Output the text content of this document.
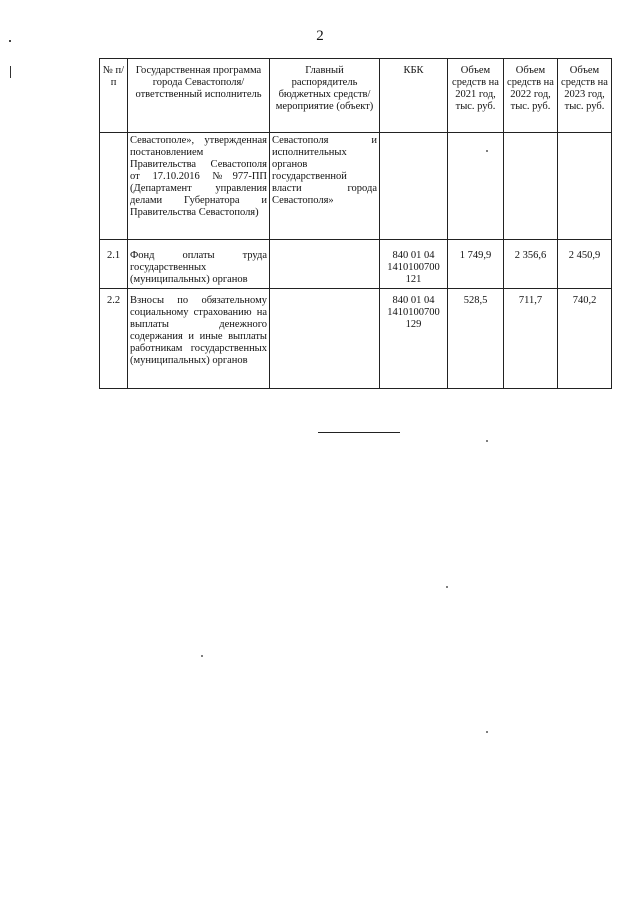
2
№ п/п	Государственная программа города Севастополя/ответственный исполнитель	Главный распорядитель бюджетных средств/мероприятие (объект)	КБК	Объем средств на 2021 год, тыс. руб.	Объем средств на 2022 год, тыс. руб.	Объем средств на 2023 год, тыс. руб.
	Севастополе», утвержденная постановлением Правительства Севастополя от 17.10.2016 №977-ПП (Департамент управления делами Губернатора и Правительства Севастополя)	Севастополя и исполнительных органов государственной власти города Севастополя»				
2.1	Фонд оплаты труда государственных (муниципальных) органов		840 01 04 1410100700 121	1 749,9	2 356,6	2 450,9
2.2	Взносы по обязательному социальному страхованию на выплаты денежного содержания и иные выплаты работникам государственных (муниципальных) органов		840 01 04 1410100700 129	528,5	711,7	740,2
